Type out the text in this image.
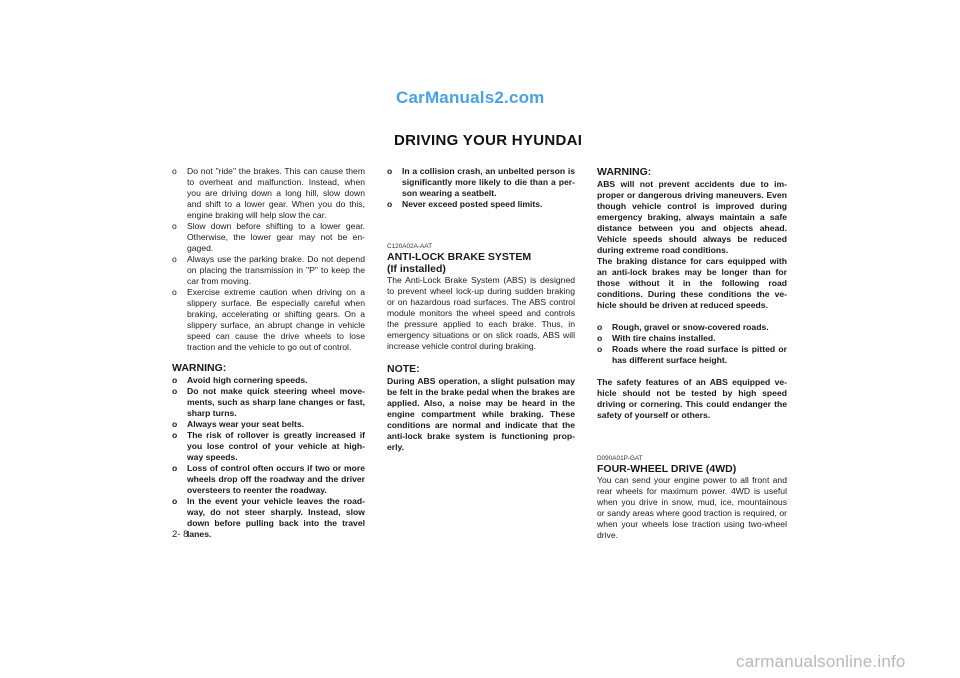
CarManuals2.com
DRIVING YOUR HYUNDAI
o Do not "ride" the brakes. This can cause them to overheat and malfunction. Instead, when you are driving down a long hill, slow down and shift to a lower gear. When you do this, engine braking will help slow the car.
o Slow down before shifting to a lower gear. Otherwise, the lower gear may not be en-gaged.
o Always use the parking brake. Do not depend on placing the transmission in "P" to keep the car from moving.
o Exercise extreme caution when driving on a slippery surface. Be especially careful when braking, accelerating or shifting gears. On a slippery surface, an abrupt change in vehicle speed can cause the drive wheels to lose traction and the vehicle to go out of control.
WARNING:
o Avoid high cornering speeds.
o Do not make quick steering wheel move-ments, such as sharp lane changes or fast, sharp turns.
o Always wear your seat belts.
o The risk of rollover is greatly increased if you lose control of your vehicle at high-way speeds.
o Loss of control often occurs if two or more wheels drop off the roadway and the driver oversteers to reenter the roadway.
o In the event your vehicle leaves the road-way, do not steer sharply. Instead, slow down before pulling back into the travel lanes.
2- 8
o In a collision crash, an unbelted person is significantly more likely to die than a per-son wearing a seatbelt.
o Never exceed posted speed limits.
C120A02A-AAT
ANTI-LOCK BRAKE SYSTEM
(If installed)
The Anti-Lock Brake System (ABS) is designed to prevent wheel lock-up during sudden braking or on hazardous road surfaces. The ABS control module monitors the wheel speed and controls the pressure applied to each brake. Thus, in emergency situations or on slick roads, ABS will increase vehicle control during braking.
NOTE:
During ABS operation, a slight pulsation may be felt in the brake pedal when the brakes are applied. Also, a noise may be heard in the engine compartment while braking. These conditions are normal and indicate that the anti-lock brake system is functioning prop-erly.
WARNING:
ABS will not prevent accidents due to im-proper or dangerous driving maneuvers. Even though vehicle control is improved during emergency braking, always maintain a safe distance between you and objects ahead. Vehicle speeds should always be reduced during extreme road conditions.
The braking distance for cars equipped with an anti-lock brakes may be longer than for those without it in the following road conditions. During these conditions the ve-hicle should be driven at reduced speeds.
o Rough, gravel or snow-covered roads.
o With tire chains installed.
o Roads where the road surface is pitted or has different surface height.
The safety features of an ABS equipped ve-hicle should not be tested by high speed driving or cornering. This could endanger the safety of yourself or others.
D090A01P-GAT
FOUR-WHEEL DRIVE (4WD)
You can send your engine power to all front and rear wheels for maximum power. 4WD is useful when you drive in snow, mud, ice, mountainous or sandy areas where good traction is required, or when your wheels lose traction using two-wheel drive.
carmanualsonline.info
